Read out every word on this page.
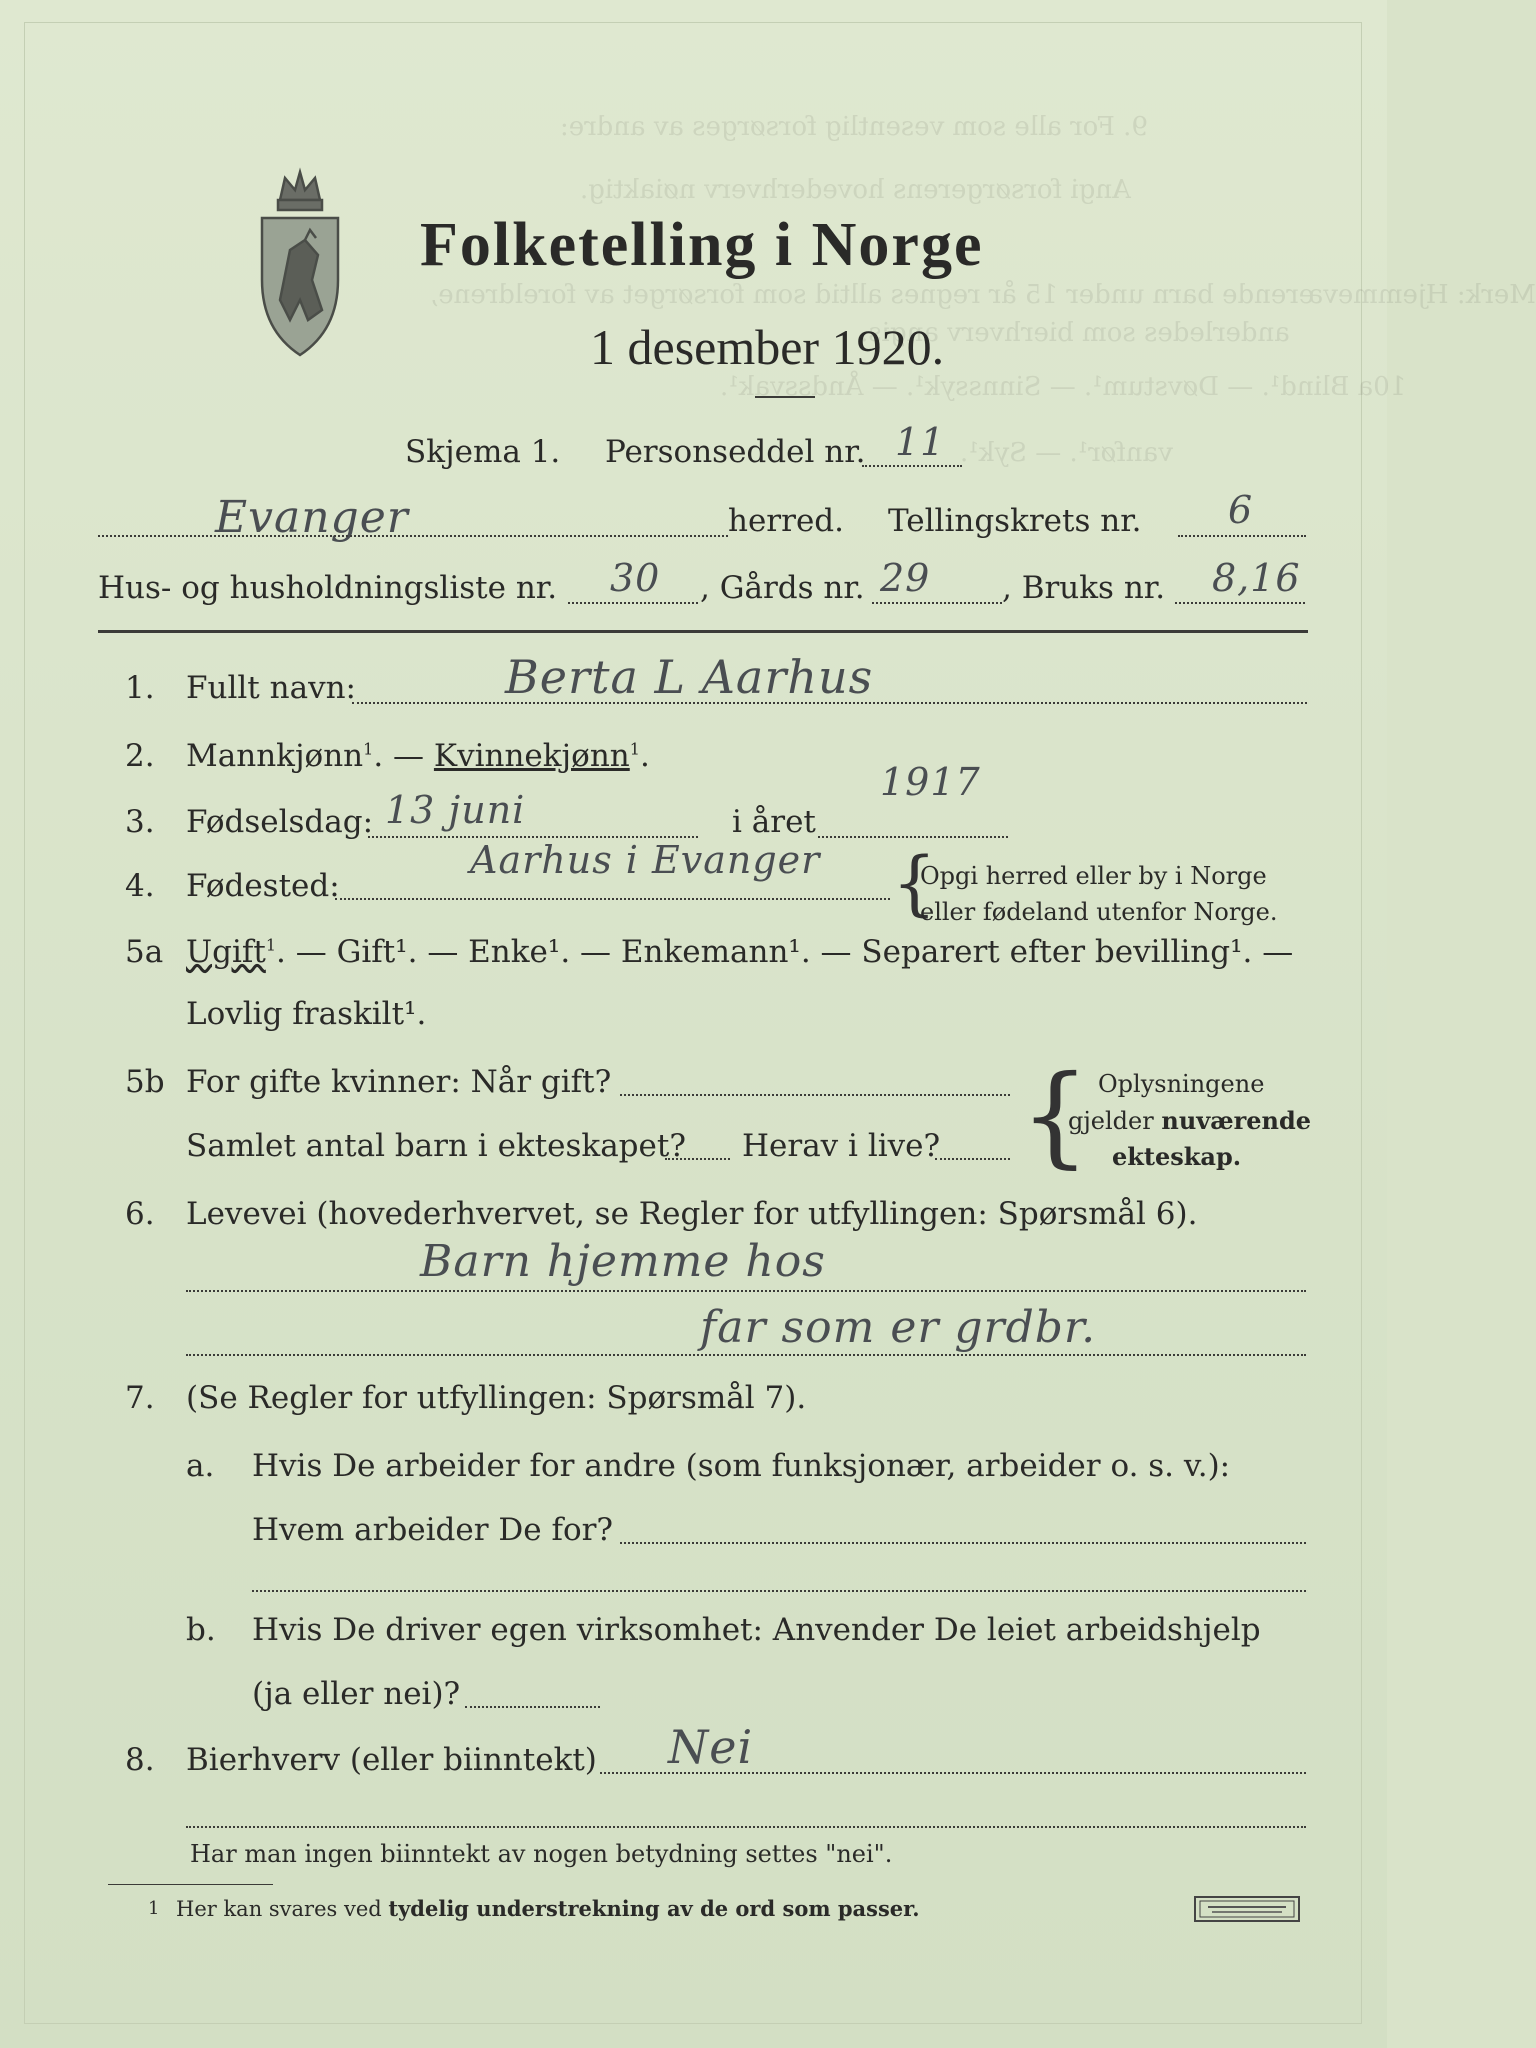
9. For alle som vesentlig forsørges av andre:
Angi forsørgerens hovederhverv nøiaktig.
Merk: Hjemmeværende barn under 15 år regnes alltid som forsørget av foreldrene,
anderledes som bierhverv angis.
10a Blind¹. — Døvstum¹. — Sinnssyk¹. — Åndssvak¹.
vanfør¹. — Syk¹.
Folketelling i Norge
1 desember 1920.
Skjema 1. Personseddel nr. 11
Evanger	herred. Tellingskrets nr. 6
Hus- og husholdningsliste nr. 30 , Gårds nr. 29 , Bruks nr. 8,16
1. Fullt navn:	Berta L Aarhus
2. Mannkjønn$^1$. — Kvinnekjønn$^1$.
3. Fødselsdag: 13 juni	i året
1917
4. Fødested:
Aarhus i Evanger {
Opgi herred eller by i Norge
eller fødeland utenfor Norge.
5a Ugift$^1$. — Gift¹. — Enke¹. — Enkemann¹. — Separert efter bevilling¹. —
Lovlig fraskilt¹.
5b For gifte kvinner: Når gift?
Samlet antal barn i ekteskapet? Herav i live? { Oplysningene
gjelder nuværende
ekteskap.
6. Levevei (hovederhvervet, se Regler for utfyllingen: Spørsmål 6).
Barn hjemme hos
far som er grdbr.
7. (Se Regler for utfyllingen: Spørsmål 7).
a. Hvis De arbeider for andre (som funksjonær, arbeider o. s. v.):
Hvem arbeider De for?
b. Hvis De driver egen virksomhet: Anvender De leiet arbeidshjelp
(ja eller nei)?
8. Bierhverv (eller biinntekt) Nei
Har man ingen biinntekt av nogen betydning settes "nei".
1 Her kan svares ved tydelig understrekning av de ord som passer.
